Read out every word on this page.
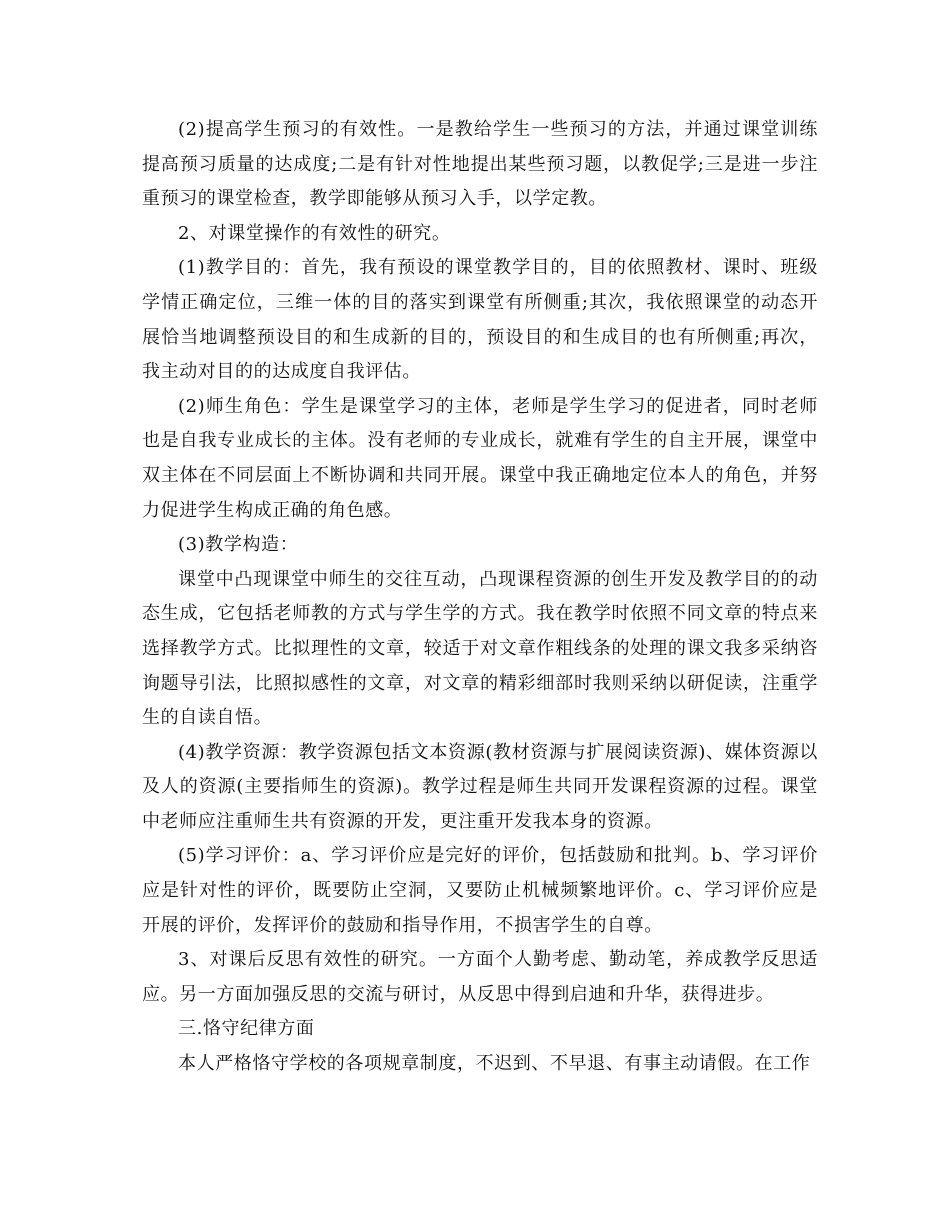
(2)提高学生预习的有效性。一是教给学生一些预习的方法，并通过课堂训练提高预习质量的达成度;二是有针对性地提出某些预习题，以教促学;三是进一步注重预习的课堂检查，教学即能够从预习入手，以学定教。

2、对课堂操作的有效性的研究。

(1)教学目的：首先，我有预设的课堂教学目的，目的依照教材、课时、班级学情正确定位，三维一体的目的落实到课堂有所侧重;其次，我依照课堂的动态开展恰当地调整预设目的和生成新的目的，预设目的和生成目的也有所侧重;再次，我主动对目的的达成度自我评估。

(2)师生角色：学生是课堂学习的主体，老师是学生学习的促进者，同时老师也是自我专业成长的主体。没有老师的专业成长，就难有学生的自主开展，课堂中双主体在不同层面上不断协调和共同开展。课堂中我正确地定位本人的角色，并努力促进学生构成正确的角色感。

(3)教学构造：

课堂中凸现课堂中师生的交往互动，凸现课程资源的创生开发及教学目的的动态生成，它包括老师教的方式与学生学的方式。我在教学时依照不同文章的特点来选择教学方式。比拟理性的文章，较适于对文章作粗线条的处理的课文我多采纳咨询题导引法，比照拟感性的文章，对文章的精彩细部时我则采纳以研促读，注重学生的自读自悟。

(4)教学资源：教学资源包括文本资源(教材资源与扩展阅读资源)、媒体资源以及人的资源(主要指师生的资源)。教学过程是师生共同开发课程资源的过程。课堂中老师应注重师生共有资源的开发，更注重开发我本身的资源。

(5)学习评价：a、学习评价应是完好的评价，包括鼓励和批判。b、学习评价应是针对性的评价，既要防止空洞，又要防止机械频繁地评价。c、学习评价应是开展的评价，发挥评价的鼓励和指导作用，不损害学生的自尊。

3、对课后反思有效性的研究。一方面个人勤考虑、勤动笔，养成教学反思适应。另一方面加强反思的交流与研讨，从反思中得到启迪和升华，获得进步。

三.恪守纪律方面

本人严格恪守学校的各项规章制度，不迟到、不早退、有事主动请假。在工作
